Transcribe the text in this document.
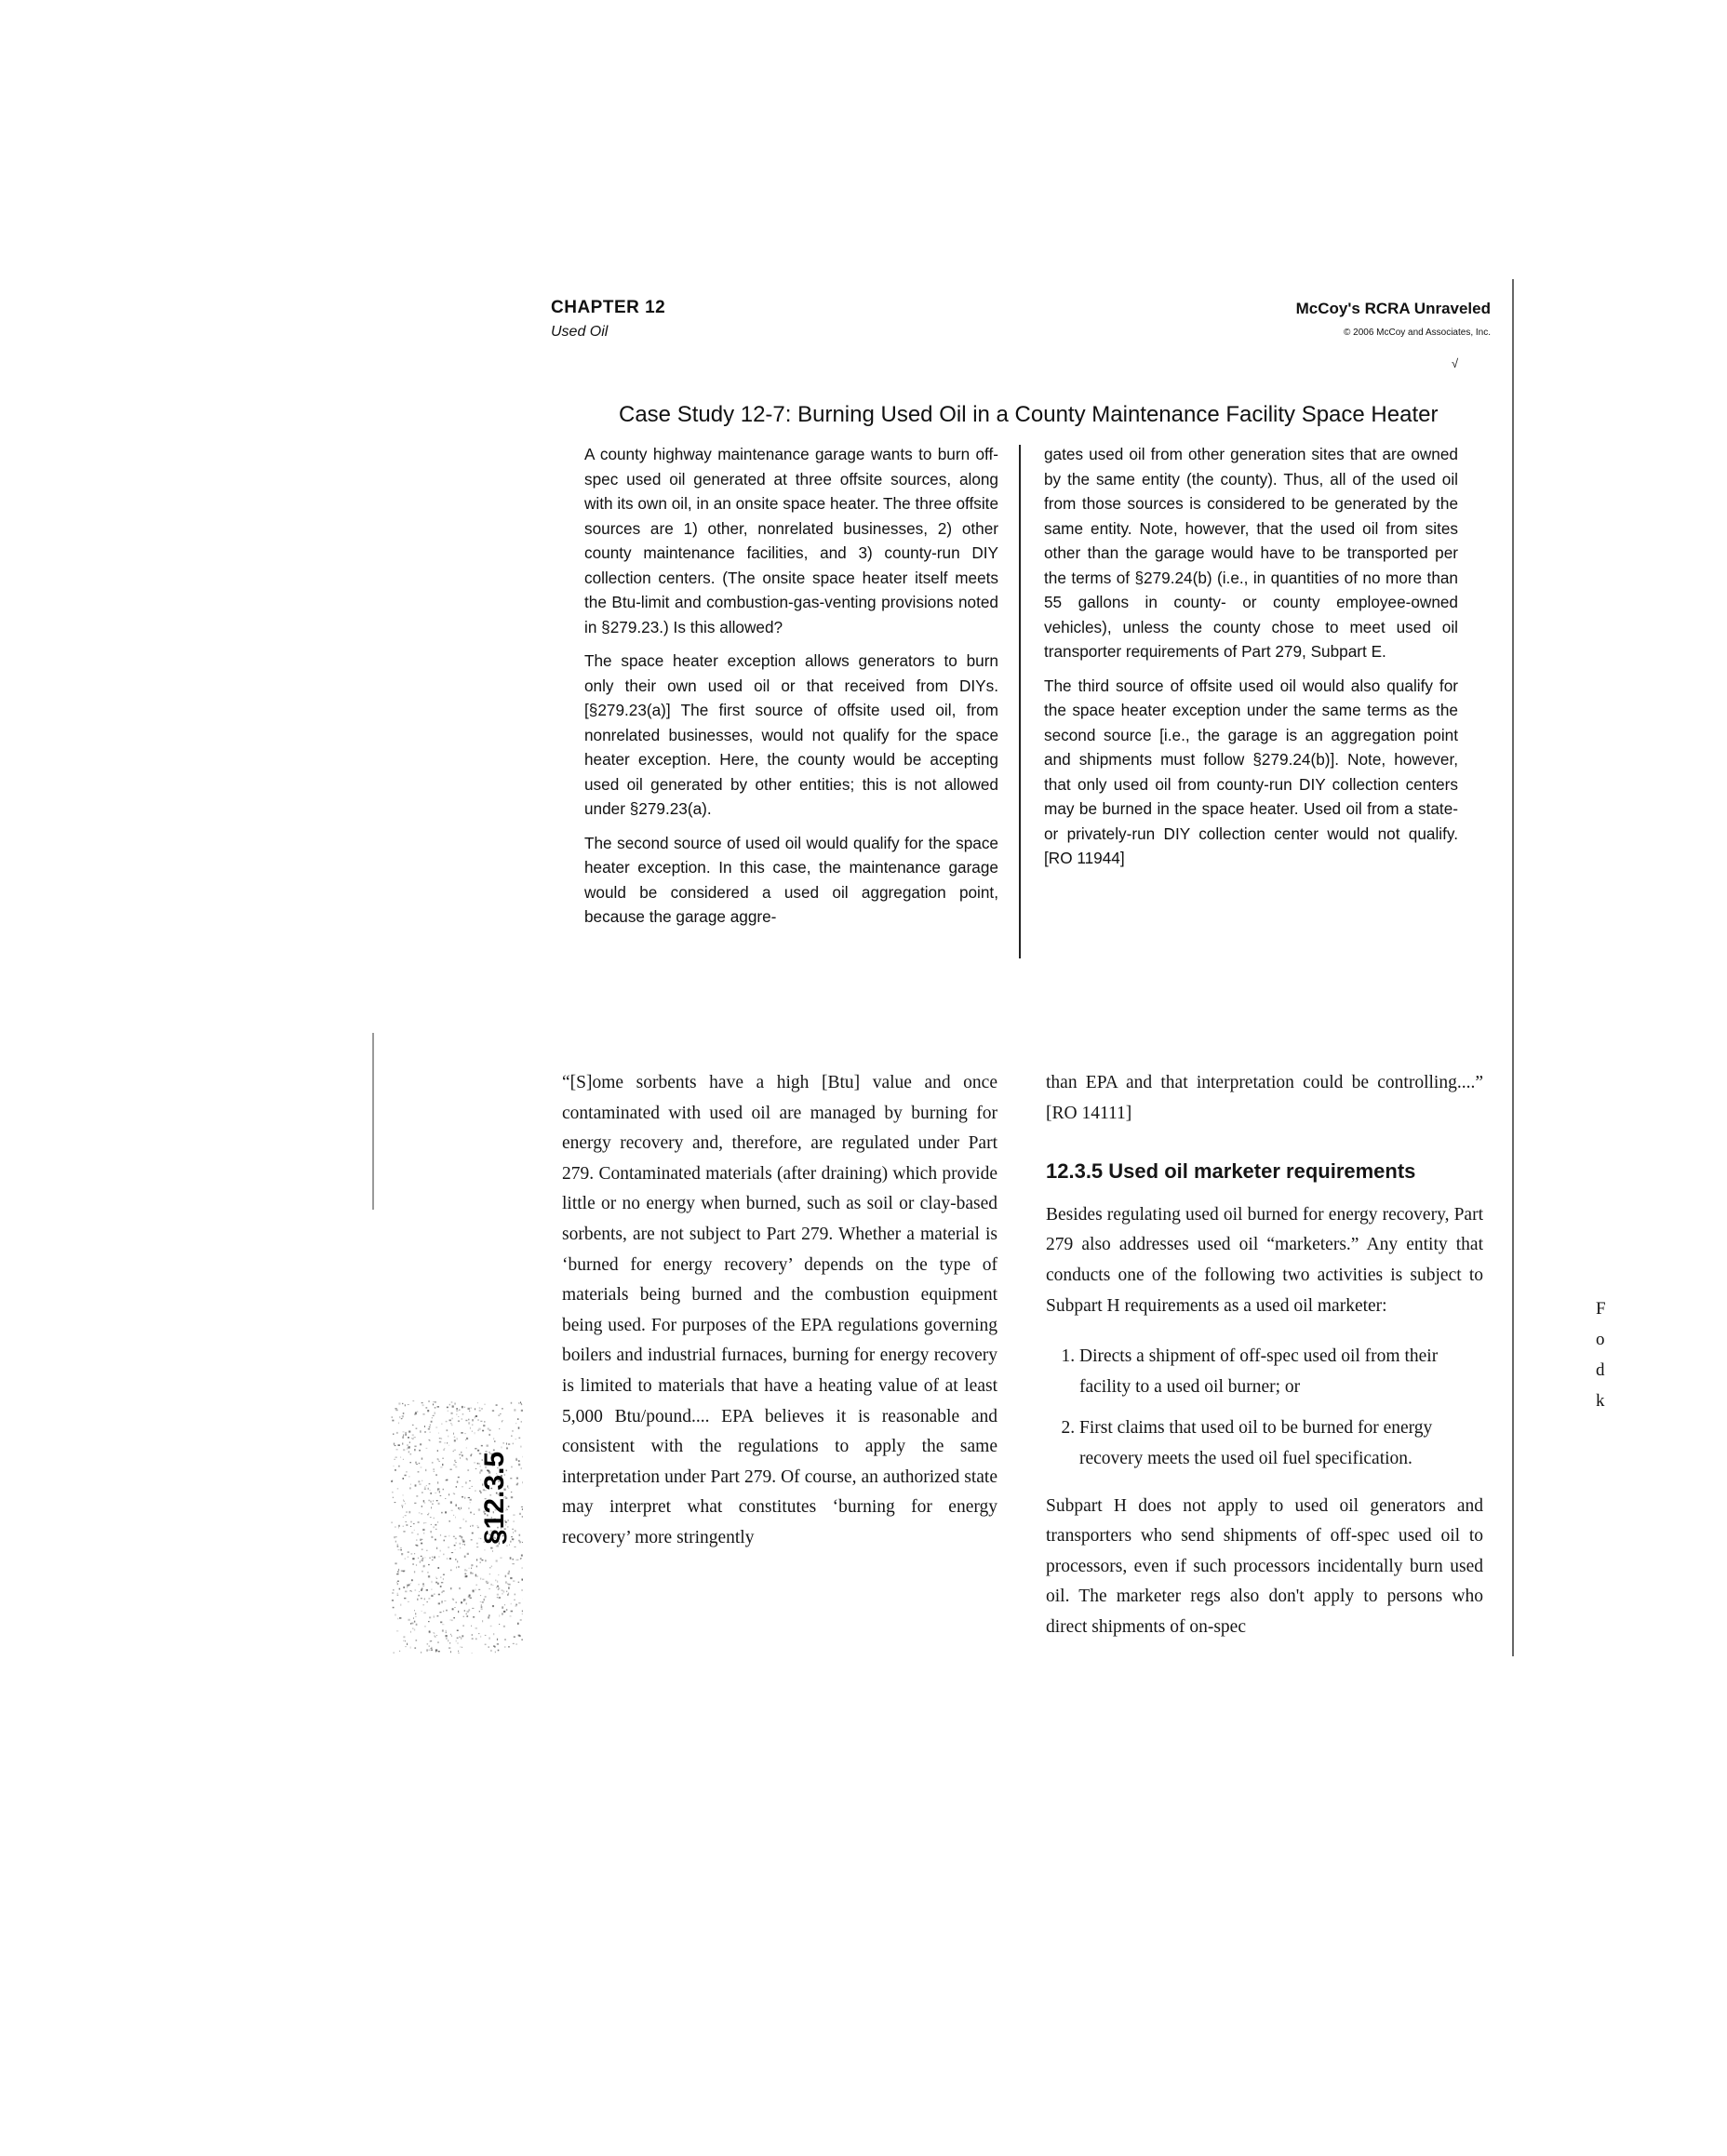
CHAPTER 12
Used Oil
McCoy's RCRA Unraveled
© 2006 McCoy and Associates, Inc.
√
Case Study 12-7: Burning Used Oil in a County Maintenance Facility Space Heater

A county highway maintenance garage wants to burn off-spec used oil generated at three offsite sources, along with its own oil, in an onsite space heater. The three offsite sources are 1) other, nonrelated businesses, 2) other county maintenance facilities, and 3) county-run DIY collection centers. (The onsite space heater itself meets the Btu-limit and combustion-gas-venting provisions noted in §279.23.) Is this allowed?

The space heater exception allows generators to burn only their own used oil or that received from DIYs. [§279.23(a)] The first source of offsite used oil, from nonrelated businesses, would not qualify for the space heater exception. Here, the county would be accepting used oil generated by other entities; this is not allowed under §279.23(a).

The second source of used oil would qualify for the space heater exception. In this case, the maintenance garage would be considered a used oil aggregation point, because the garage aggre-

gates used oil from other generation sites that are owned by the same entity (the county). Thus, all of the used oil from those sources is considered to be generated by the same entity. Note, however, that the used oil from sites other than the garage would have to be transported per the terms of §279.24(b) (i.e., in quantities of no more than 55 gallons in county- or county employee-owned vehicles), unless the county chose to meet used oil transporter requirements of Part 279, Subpart E.

The third source of offsite used oil would also qualify for the space heater exception under the same terms as the second source [i.e., the garage is an aggregation point and shipments must follow §279.24(b)]. Note, however, that only used oil from county-run DIY collection centers may be burned in the space heater. Used oil from a state- or privately-run DIY collection center would not qualify. [RO 11944]

“[S]ome sorbents have a high [Btu] value and once contaminated with used oil are managed by burning for energy recovery and, therefore, are regulated under Part 279. Contaminated materials (after draining) which provide little or no energy when burned, such as soil or clay-based sorbents, are not subject to Part 279. Whether a material is ‘burned for energy recovery’ depends on the type of materials being burned and the combustion equipment being used. For purposes of the EPA regulations governing boilers and industrial furnaces, burning for energy recovery is limited to materials that have a heating value of at least 5,000 Btu/pound.... EPA believes it is reasonable and consistent with the regulations to apply the same interpretation under Part 279. Of course, an authorized state may interpret what constitutes ‘burning for energy recovery’ more stringently

than EPA and that interpretation could be controlling....” [RO 14111]

12.3.5 Used oil marketer requirements

Besides regulating used oil burned for energy recovery, Part 279 also addresses used oil “marketers.” Any entity that conducts one of the following two activities is subject to Subpart H requirements as a used oil marketer:

1. Directs a shipment of off-spec used oil from their facility to a used oil burner; or
2. First claims that used oil to be burned for energy recovery meets the used oil fuel specification.

Subpart H does not apply to used oil generators and transporters who send shipments of off-spec used oil to processors, even if such processors incidentally burn used oil. The marketer regs also don't apply to persons who direct shipments of on-spec

§12.3.5
F
o
d
k
